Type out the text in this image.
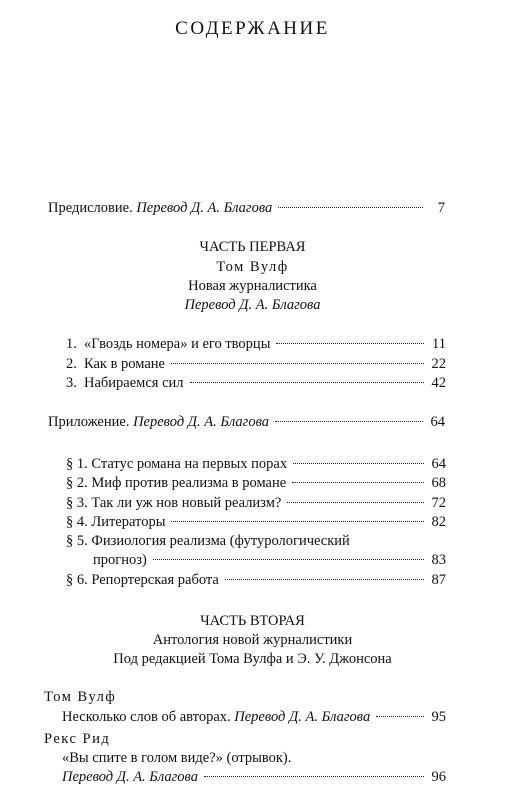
СОДЕРЖАНИЕ
Предисловие. Перевод Д. А. Благова	7
ЧАСТЬ ПЕРВАЯ
Том Вулф
Новая журналистика
Перевод Д. А. Благова
1. «Гвоздь номера» и его творцы	11
2. Как в романе	22
3. Набираемся сил	42
Приложение. Перевод Д. А. Благова	64
§ 1. Статус романа на первых порах	64
§ 2. Миф против реализма в романе	68
§ 3. Так ли уж нов новый реализм?	72
§ 4. Литераторы	82
§ 5. Физиология реализма (футурологический
прогноз)	83
§ 6. Репортерская работа	87
ЧАСТЬ ВТОРАЯ
Антология новой журналистики
Под редакцией Тома Вулфа и Э. У. Джонсона
Том Вулф
Несколько слов об авторах. Перевод Д. А. Благова	95
Рекс Рид
«Вы спите в голом виде?» (отрывок).
Перевод Д. А. Благова	96
